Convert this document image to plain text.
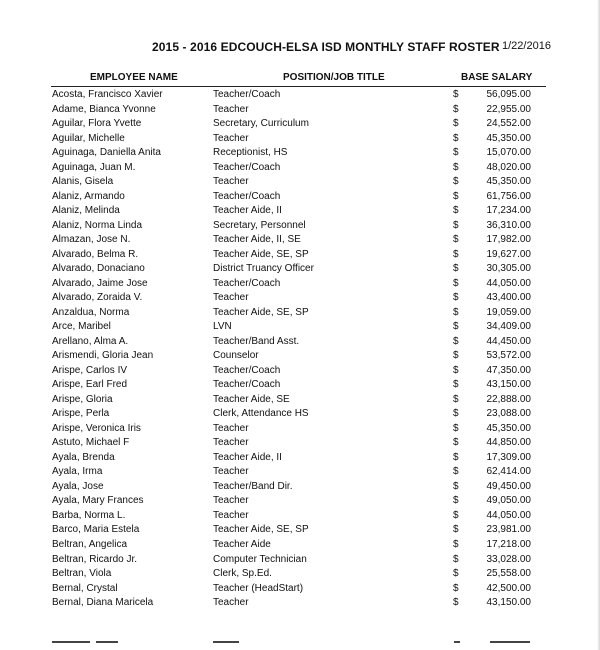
2015 - 2016 EDCOUCH-ELSA ISD MONTHLY STAFF ROSTER 1/22/2016
EMPLOYEE NAME	POSITION/JOB TITLE	BASE SALARY
Acosta, Francisco Xavier	Teacher/Coach	$	56,095.00
Adame, Bianca Yvonne	Teacher	$	22,955.00
Aguilar, Flora Yvette	Secretary, Curriculum	$	24,552.00
Aguilar, Michelle	Teacher	$	45,350.00
Aguinaga, Daniella Anita	Receptionist, HS	$	15,070.00
Aguinaga, Juan M.	Teacher/Coach	$	48,020.00
Alanis, Gisela	Teacher	$	45,350.00
Alaniz, Armando	Teacher/Coach	$	61,756.00
Alaniz, Melinda	Teacher Aide, II	$	17,234.00
Alaniz, Norma Linda	Secretary, Personnel	$	36,310.00
Almazan, Jose N.	Teacher Aide, II, SE	$	17,982.00
Alvarado, Belma R.	Teacher Aide, SE, SP	$	19,627.00
Alvarado, Donaciano	District Truancy Officer	$	30,305.00
Alvarado, Jaime Jose	Teacher/Coach	$	44,050.00
Alvarado, Zoraida V.	Teacher	$	43,400.00
Anzaldua, Norma	Teacher Aide, SE, SP	$	19,059.00
Arce, Maribel	LVN	$	34,409.00
Arellano, Alma A.	Teacher/Band Asst.	$	44,450.00
Arismendi, Gloria Jean	Counselor	$	53,572.00
Arispe, Carlos IV	Teacher/Coach	$	47,350.00
Arispe, Earl Fred	Teacher/Coach	$	43,150.00
Arispe, Gloria	Teacher Aide, SE	$	22,888.00
Arispe, Perla	Clerk, Attendance HS	$	23,088.00
Arispe, Veronica Iris	Teacher	$	45,350.00
Astuto, Michael F	Teacher	$	44,850.00
Ayala, Brenda	Teacher Aide, II	$	17,309.00
Ayala, Irma	Teacher	$	62,414.00
Ayala, Jose	Teacher/Band Dir.	$	49,450.00
Ayala, Mary Frances	Teacher	$	49,050.00
Barba, Norma L.	Teacher	$	44,050.00
Barco, Maria Estela	Teacher Aide, SE, SP	$	23,981.00
Beltran, Angelica	Teacher Aide	$	17,218.00
Beltran, Ricardo Jr.	Computer Technician	$	33,028.00
Beltran, Viola	Clerk, Sp.Ed.	$	25,558.00
Bernal, Crystal	Teacher (HeadStart)	$	42,500.00
Bernal, Diana Maricela	Teacher	$	43,150.00
